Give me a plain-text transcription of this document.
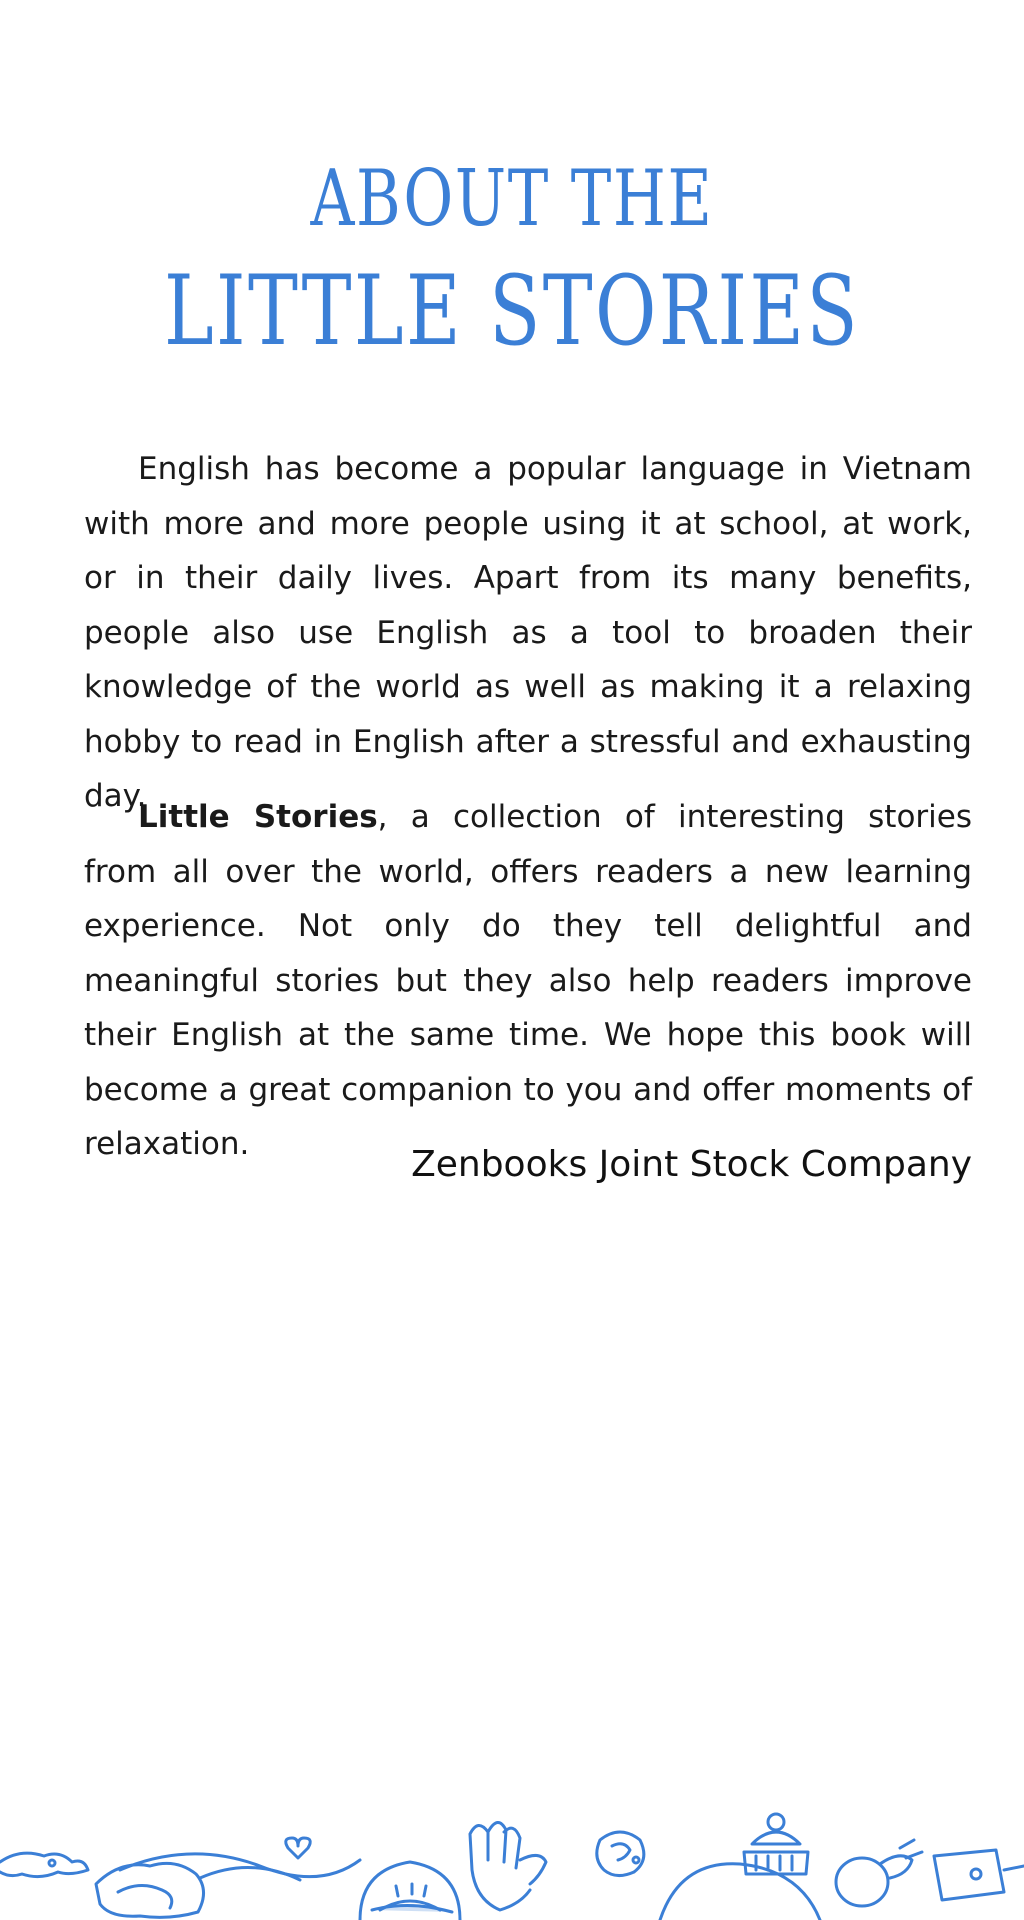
ABOUT THE
LITTLE STORIES

English has become a popular language in Vietnam with more and more people using it at school, at work, or in their daily lives. Apart from its many benefits, people also use English as a tool to broaden their knowledge of the world as well as making it a relaxing hobby to read in English after a stressful and exhausting day.

Little Stories, a collection of interesting stories from all over the world, offers readers a new learning experience. Not only do they tell delightful and meaningful stories but they also help readers improve their English at the same time. We hope this book will become a great companion to you and offer moments of relaxation.	Zenbooks Joint Stock Company
